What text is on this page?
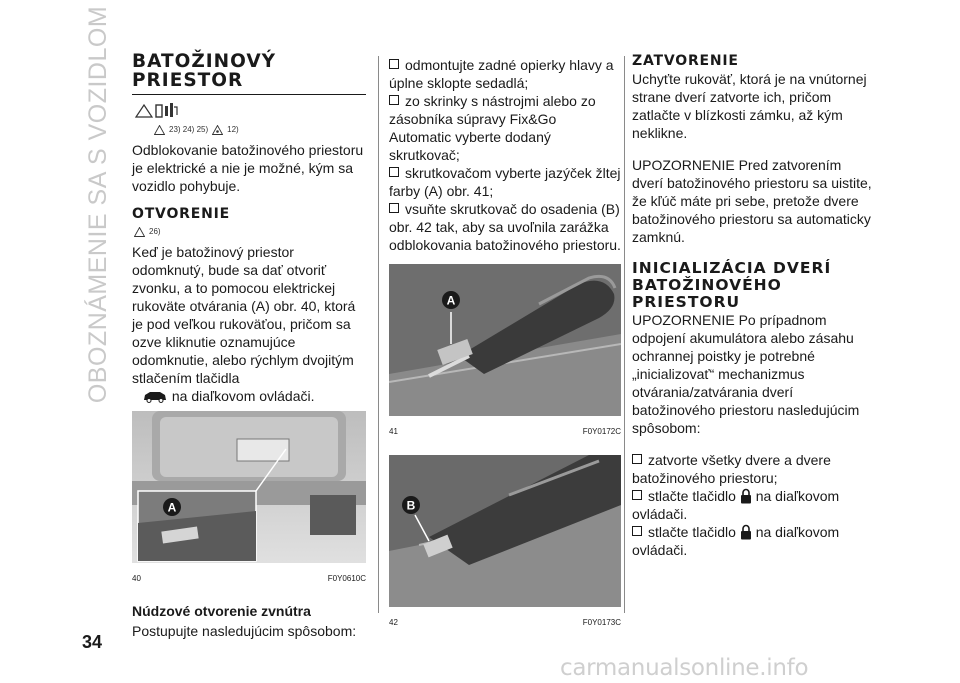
OBOZNÁMENIE SA S VOZIDLOM BATOŽINOVÝ
PRIESTOR
23) 24) 25) 12)

Odblokovanie batožinového priestoru je elektrické a nie je možné, kým sa vozidlo pohybuje.

OTVORENIE
26)

Keď je batožinový priestor odomknutý, bude sa dať otvoriť zvonku, a to pomocou elektrickej rukoväte otvárania (A) obr. 40, ktorá je pod veľkou rukoväťou, pričom sa ozve kliknutie oznamujúce odomknutie, alebo rýchlym dvojitým stlačením tlačidla

na diaľkovom ovládači.

A
40	F0Y0610C
Núdzové otvorenie zvnútra

Postupujte nasledujúcim spôsobom:

odmontujte zadné opierky hlavy a úplne sklopte sedadlá;

zo skrinky s nástrojmi alebo zo zásobníka súpravy Fix&Go Automatic vyberte dodaný skrutkovač;

skrutkovačom vyberte jazýček žltej farby (A) obr. 41;

vsuňte skrutkovač do osadenia (B) obr. 42 tak, aby sa uvoľnila zarážka odblokovania batožinového priestoru.

A
41	F0Y0172C
B
42	F0Y0173C
ZATVORENIE

Uchyťte rukoväť, ktorá je na vnútornej strane dverí zatvorte ich, pričom zatlačte v blízkosti zámku, až kým neklikne.

UPOZORNENIE Pred zatvorením dverí batožinového priestoru sa uistite, že kľúč máte pri sebe, pretože dvere batožinového priestoru sa automaticky zamknú.

INICIALIZÁCIA DVERÍ
BATOŽINOVÉHO
PRIESTORU

UPOZORNENIE Po prípadnom odpojení akumulátora alebo zásahu ochrannej poistky je potrebné „inicializovať“ mechanizmus otvárania/zatvárania dverí batožinového priestoru nasledujúcim spôsobom:

zatvorte všetky dvere a dvere batožinového priestoru;

stlačte tlačidlo na diaľkovom ovládači.

stlačte tlačidlo na diaľkovom ovládači.

34
carmanualsonline.info
